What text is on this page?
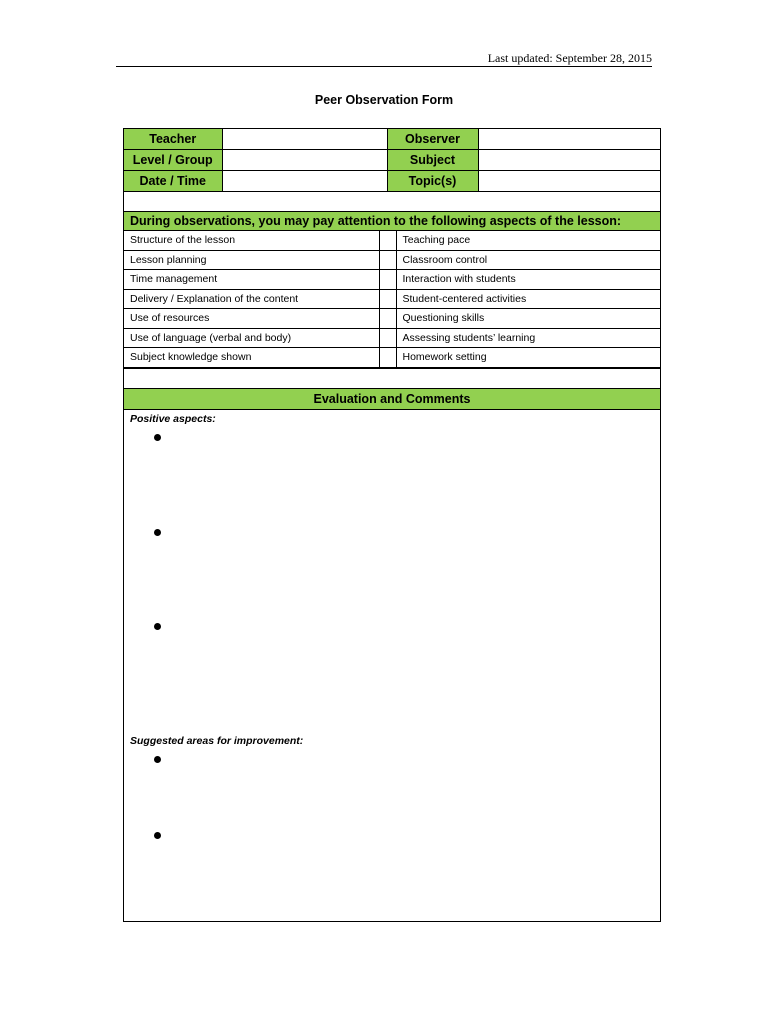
Last updated: September 28, 2015
Peer Observation Form
Teacher		Observer	
Level / Group		Subject	
Date / Time		Topic(s)	
During observations, you may pay attention to the following aspects of the lesson:
Structure of the lesson		Teaching pace
Lesson planning		Classroom control
Time management		Interaction with students
Delivery / Explanation of the content		Student-centered activities
Use of resources		Questioning skills
Use of language (verbal and body)		Assessing students’ learning
Subject knowledge shown		Homework setting
Evaluation and Comments
Positive aspects:
Suggested areas for improvement:
